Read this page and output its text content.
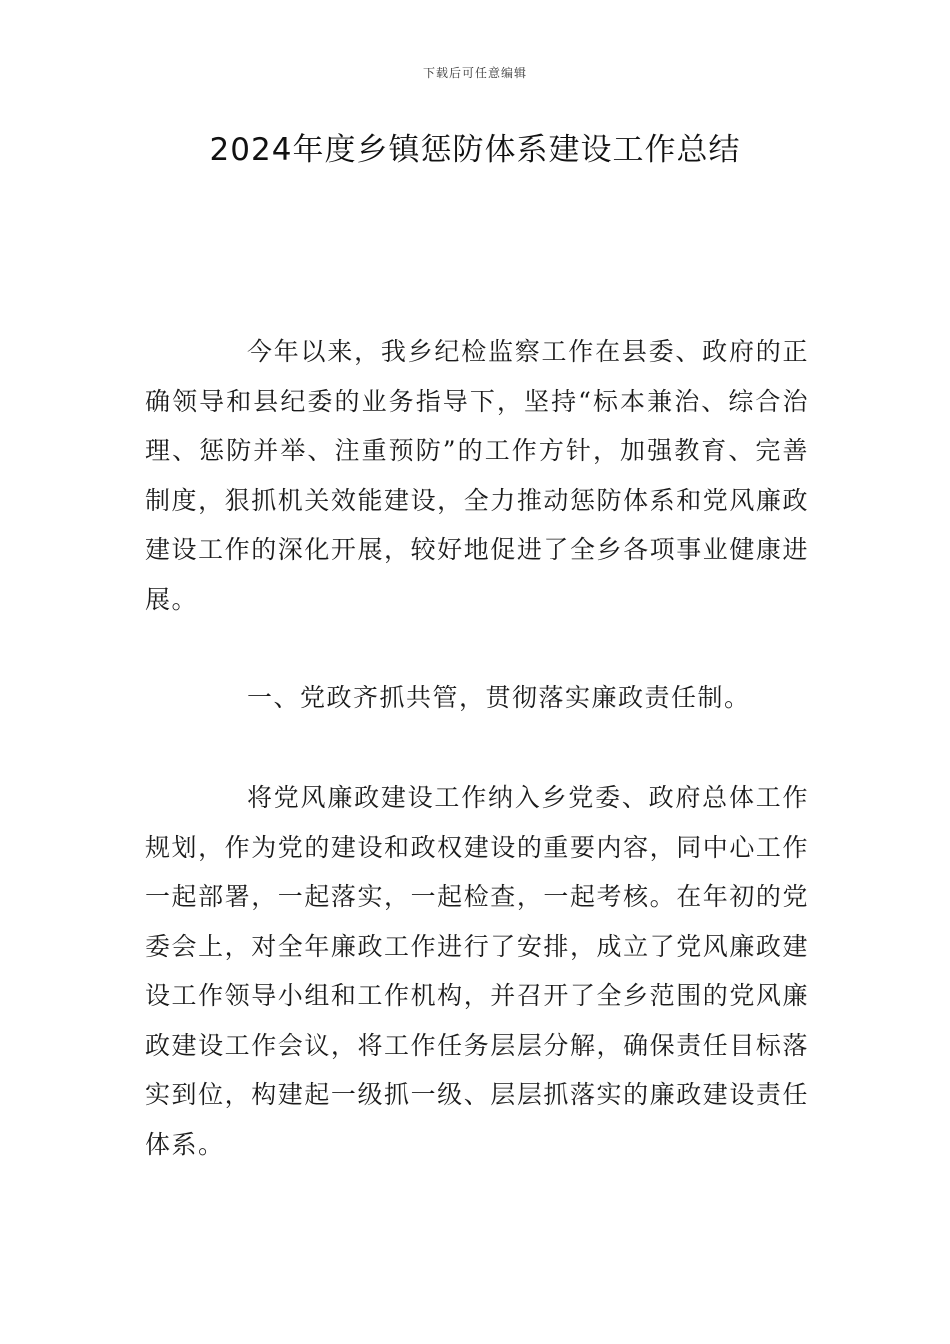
下载后可任意编辑
2024年度乡镇惩防体系建设工作总结

今年以来，我乡纪检监察工作在县委、政府的正确领导和县纪委的业务指导下，坚持“标本兼治、综合治理、惩防并举、注重预防”的工作方针，加强教育、完善制度，狠抓机关效能建设，全力推动惩防体系和党风廉政建设工作的深化开展，较好地促进了全乡各项事业健康进展。

一、党政齐抓共管，贯彻落实廉政责任制。

将党风廉政建设工作纳入乡党委、政府总体工作规划，作为党的建设和政权建设的重要内容，同中心工作一起部署，一起落实，一起检查，一起考核。在年初的党委会上，对全年廉政工作进行了安排，成立了党风廉政建设工作领导小组和工作机构，并召开了全乡范围的党风廉政建设工作会议，将工作任务层层分解，确保责任目标落实到位，构建起一级抓一级、层层抓落实的廉政建设责任体系。
